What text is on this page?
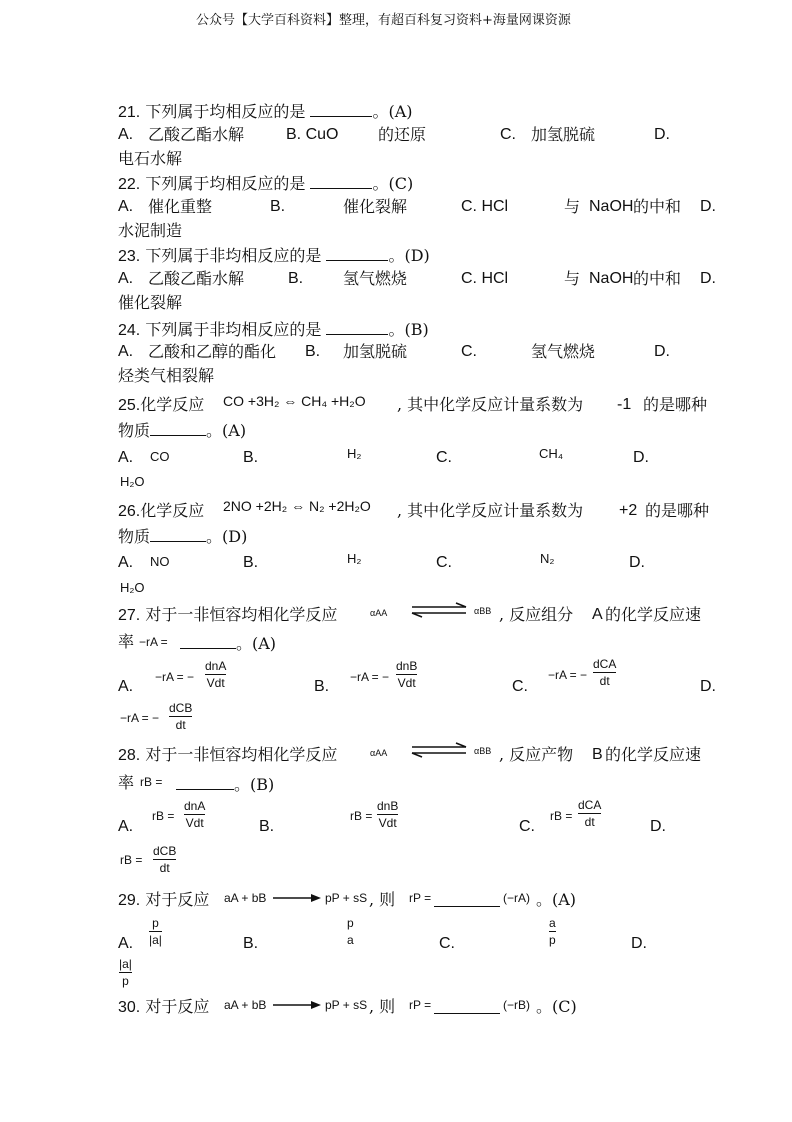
公众号【大学百科资料】整理，有超百科复习资料+海量网课资源
21. 下列属于均相反应的是	。(A)
A. 乙酸乙酯水解	B. CuO 的还原	C. 加氢脱硫	D.
电石水解
22. 下列属于均相反应的是	。(C)
A. 催化重整	B.	催化裂解	C. HCl	与 NaOH 的中和 D.
水泥制造
23. 下列属于非均相反应的是	。(D)
A. 乙酸乙酯水解	B. 氢气燃烧	C. HCl	与 NaOH 的中和 D.
催化裂解
24. 下列属于非均相反应的是	。(B)
A. 乙酸和乙醇的酯化 B. 加氢脱硫	C.	氢气燃烧	D.
烃类气相裂解
25.化学反应 CO +3H₂ ⇔ CH₄ +H₂O , 其中化学反应计量系数为 -1 的是哪种
物质	。(A)
A. CO	B.	H₂	C.	CH₄	D.
H₂O
26.化学反应 2NO +2H₂ ⇔ N₂ +2H₂O , 其中化学反应计量系数为 +2 的是哪种
物质	。(D)
A. NO	B.	H₂	C.	N₂	D.
H₂O
27. 对于一非恒容均相化学反应	αAA ⇌ αBB , 反应组分 A 的化学反应速
率 −rA =	。(A)
A.
−rA = −
dnA
Vdt	B.
−rA = −
dnB
Vdt	C.
−rA = −
dCA
dt	D.
−rA = −
dCB
dt
28. 对于一非恒容均相化学反应	αAA ⇌ αBB , 反应产物 B 的化学反应速
率 rB =	。(B)
A.
rB =
dnA
Vdt	B.
rB =
dnB
Vdt	C.
rB =
dCA
dt	D.
rB =
dCB
dt
29. 对于反应 aA + bB → pP + sS , 则 rP =	(−rA) 。(A)
A.
p
|a|	B.
p
a	C.
a
p	D.
|a|
p
30. 对于反应 aA + bB → pP + sS , 则 rP =	(−rB) 。(C)
